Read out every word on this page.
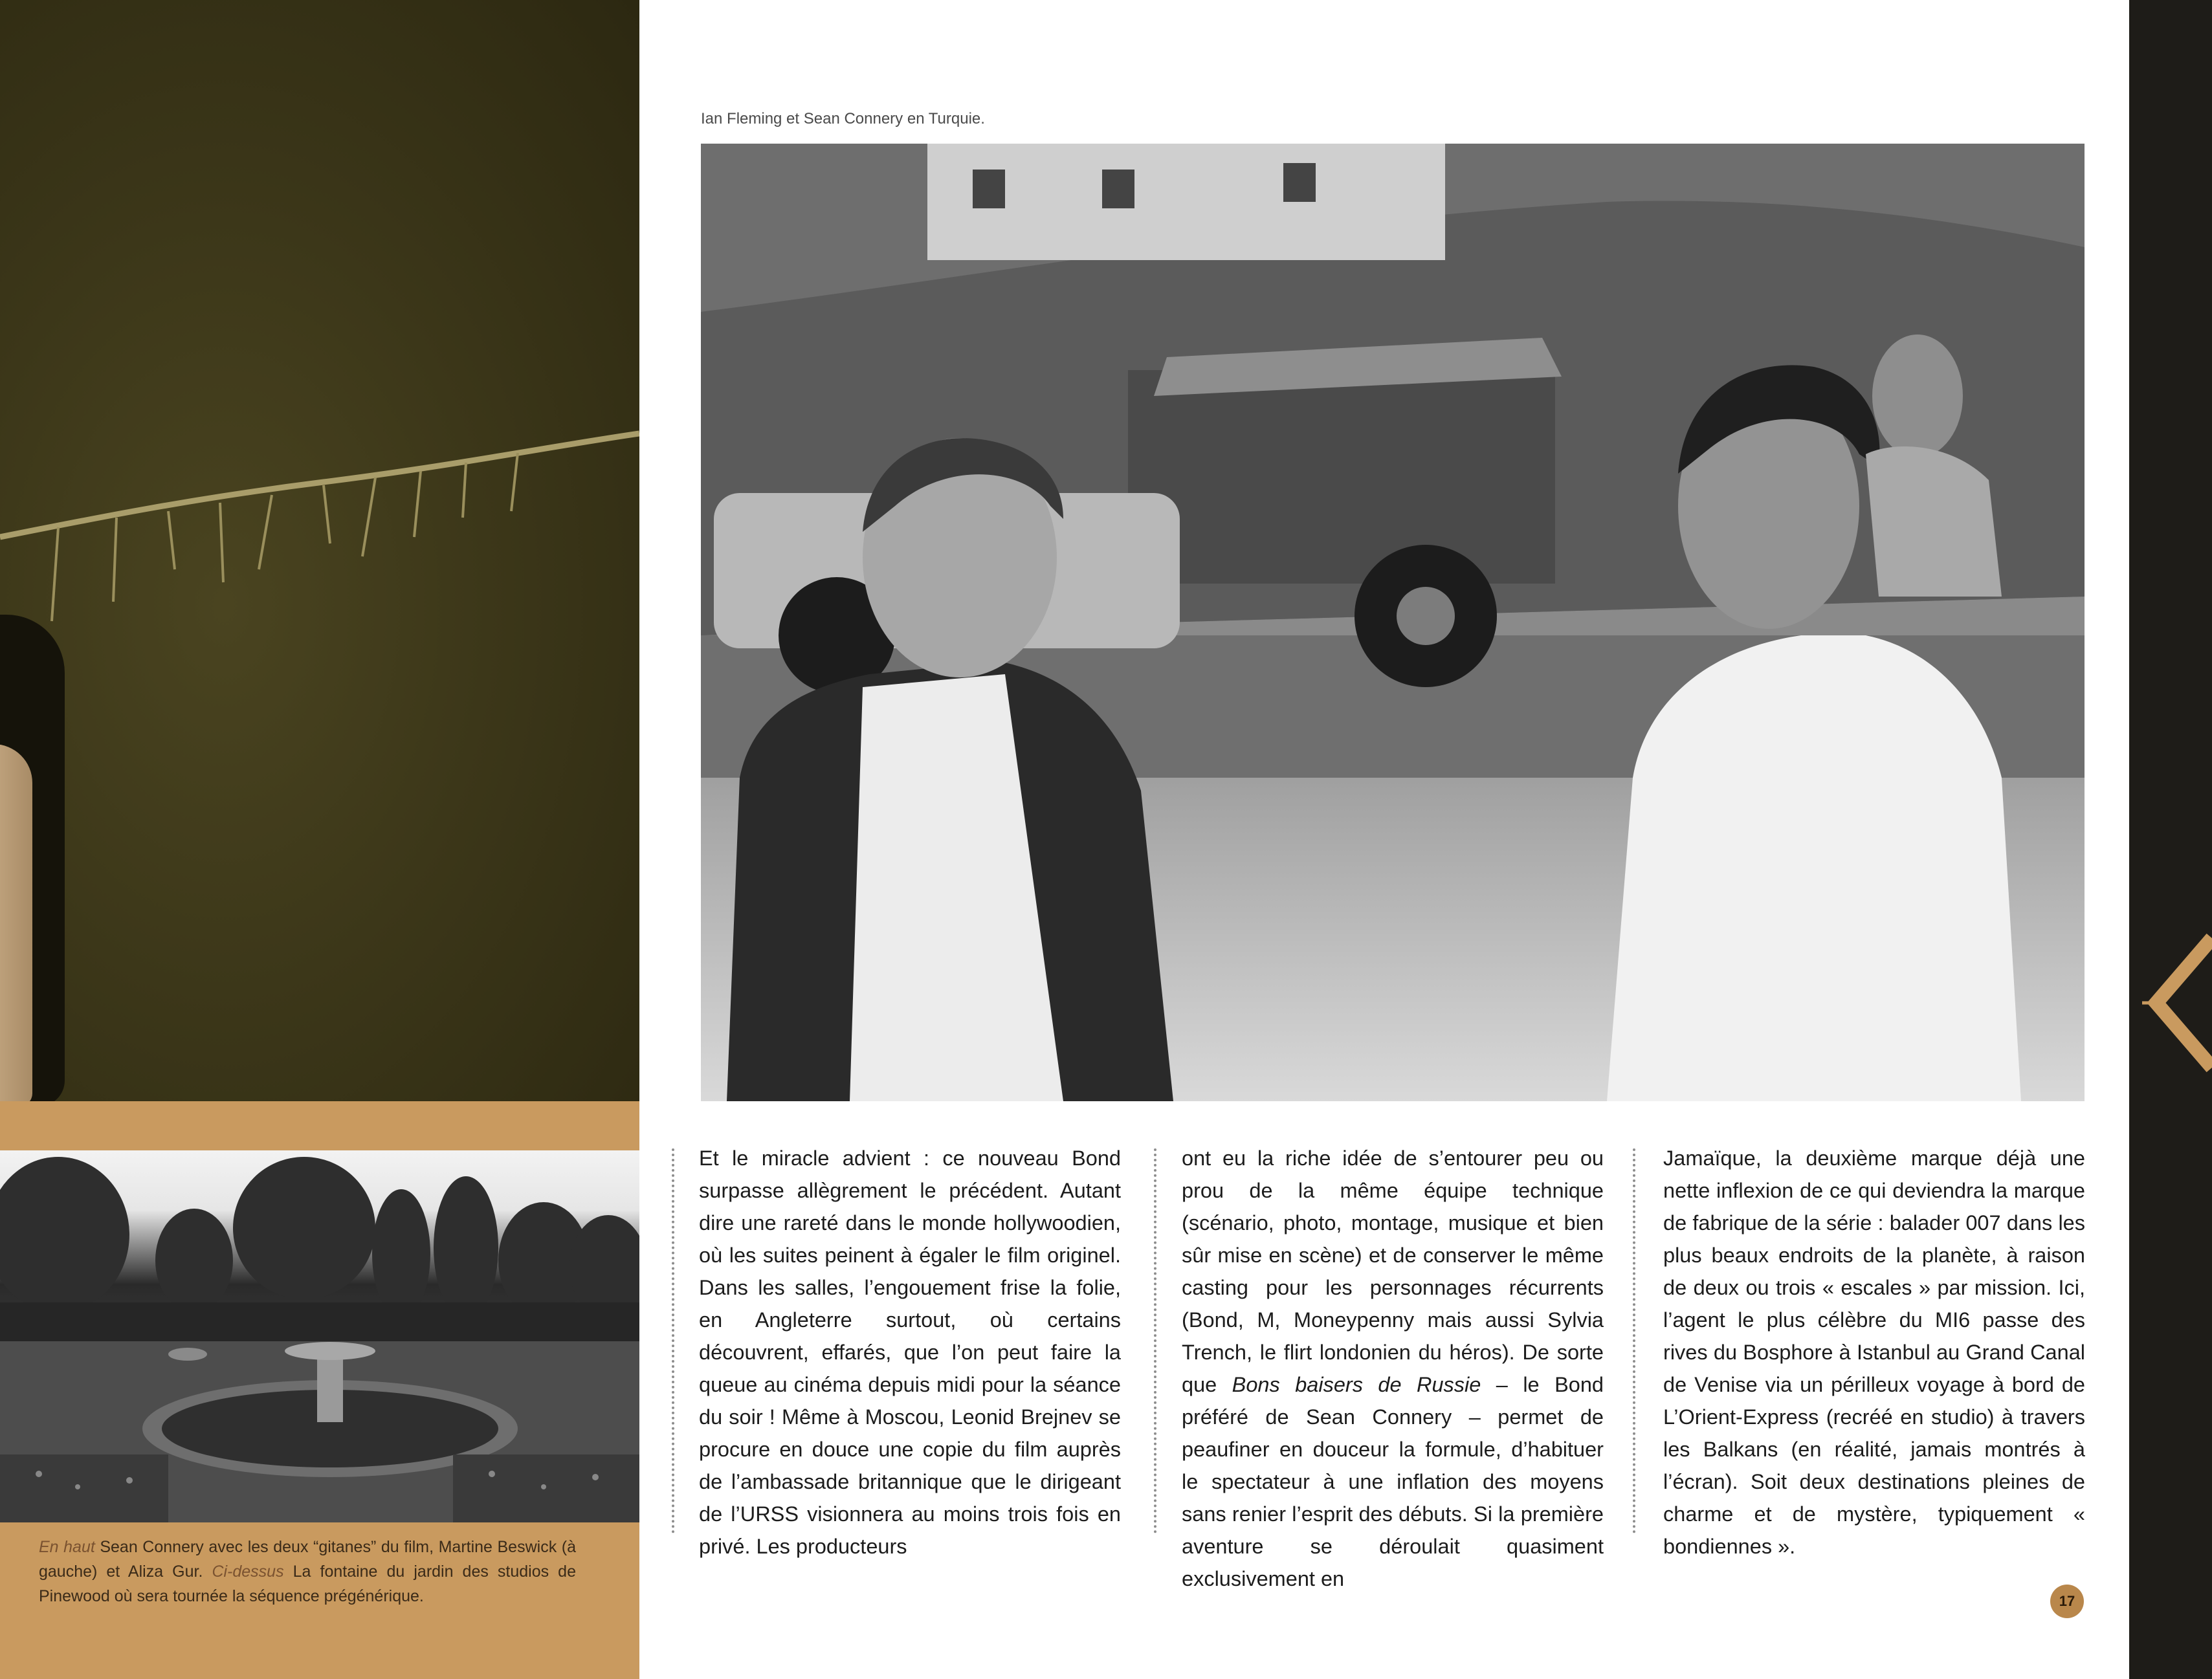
En haut Sean Connery avec les deux “gitanes” du film, Martine Beswick (à gauche) et Aliza Gur. Ci-dessus La fontaine du jardin des studios de Pinewood où sera tournée la séquence prégénérique.

Ian Fleming et Sean Connery en Turquie.

Et le miracle advient : ce nouveau Bond surpasse allègrement le précédent. Autant dire une rareté dans le monde hollywoodien, où les suites peinent à égaler le film originel. Dans les salles, l’engouement frise la folie, en Angleterre surtout, où certains découvrent, effarés, que l’on peut faire la queue au cinéma depuis midi pour la séance du soir ! Même à Moscou, Leonid Brejnev se procure en douce une copie du film auprès de l’ambassade britannique que le dirigeant de l’URSS visionnera au moins trois fois en privé. Les producteurs

ont eu la riche idée de s’entourer peu ou prou de la même équipe technique (scénario, photo, montage, musique et bien sûr mise en scène) et de conserver le même casting pour les personnages récurrents (Bond, M, Moneypenny mais aussi Sylvia Trench, le flirt londonien du héros). De sorte que Bons baisers de Russie – le Bond préféré de Sean Connery – permet de peaufiner en douceur la formule, d’habituer le spectateur à une inflation des moyens sans renier l’esprit des débuts. Si la première aventure se déroulait quasiment exclusivement en

Jamaïque, la deuxième marque déjà une nette inflexion de ce qui deviendra la marque de fabrique de la série : balader 007 dans les plus beaux endroits de la planète, à raison de deux ou trois « escales » par mission. Ici, l’agent le plus célèbre du MI6 passe des rives du Bosphore à Istanbul au Grand Canal de Venise via un périlleux voyage à bord de L’Orient-Express (recréé en studio) à travers les Balkans (en réalité, jamais montrés à l’écran). Soit deux destinations pleines de charme et de mystère, typiquement « bondiennes ».

17
